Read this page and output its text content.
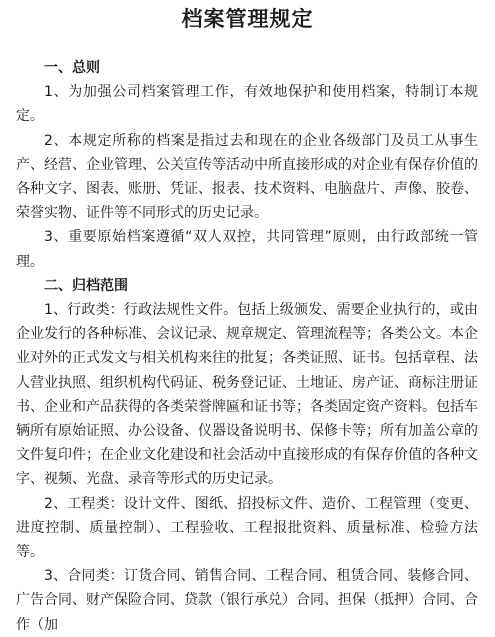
档案管理规定

一、总则

1、为加强公司档案管理工作，有效地保护和使用档案，特制订本规定。

2、本规定所称的档案是指过去和现在的企业各级部门及员工从事生产、经营、企业管理、公关宣传等活动中所直接形成的对企业有保存价值的各种文字、图表、账册、凭证、报表、技术资料、电脑盘片、声像、胶卷、荣誉实物、证件等不同形式的历史记录。

3、重要原始档案遵循“双人双控，共同管理”原则，由行政部统一管理。

二、归档范围

1、行政类：行政法规性文件。包括上级颁发、需要企业执行的，或由企业发行的各种标准、会议记录、规章规定、管理流程等；各类公文。本企业对外的正式发文与相关机构来往的批复；各类证照、证书。包括章程、法人营业执照、组织机构代码证、税务登记证、土地证、房产证、商标注册证书、企业和产品获得的各类荣誉牌匾和证书等；各类固定资产资料。包括车辆所有原始证照、办公设备、仪器设备说明书、保修卡等；所有加盖公章的文件复印件；在企业文化建设和社会活动中直接形成的有保存价值的各种文字、视频、光盘、录音等形式的历史记录。

2、工程类：设计文件、图纸、招投标文件、造价、工程管理（变更、进度控制、质量控制）、工程验收、工程报批资料、质量标准、检验方法等。

3、合同类：订货合同、销售合同、工程合同、租赁合同、装修合同、广告合同、财产保险合同、贷款（银行承兑）合同、担保（抵押）合同、合作（加
